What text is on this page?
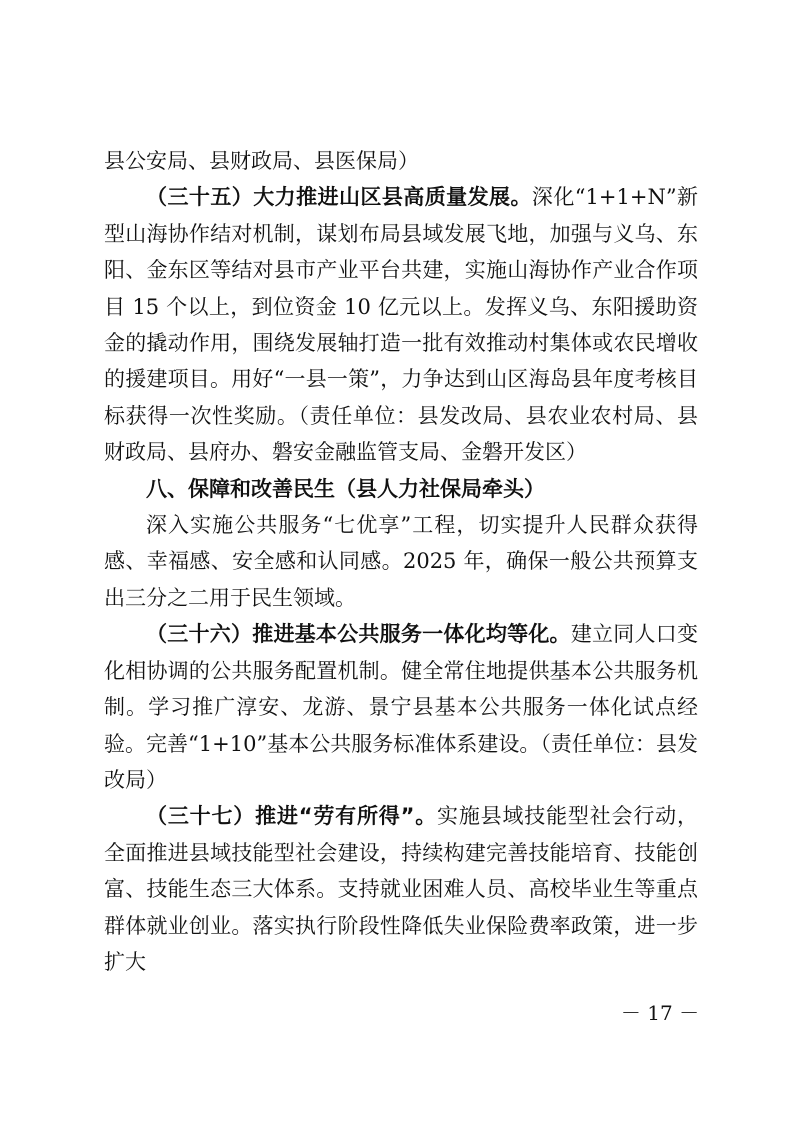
县公安局、县财政局、县医保局）

（三十五）大力推进山区县高质量发展。深化“1+1+N”新型山海协作结对机制，谋划布局县域发展飞地，加强与义乌、东阳、金东区等结对县市产业平台共建，实施山海协作产业合作项目 15 个以上，到位资金 10 亿元以上。发挥义乌、东阳援助资金的撬动作用，围绕发展轴打造一批有效推动村集体或农民增收的援建项目。用好“一县一策”，力争达到山区海岛县年度考核目标获得一次性奖励。（责任单位：县发改局、县农业农村局、县财政局、县府办、磐安金融监管支局、金磐开发区）

八、保障和改善民生（县人力社保局牵头）

深入实施公共服务“七优享”工程，切实提升人民群众获得感、幸福感、安全感和认同感。2025 年，确保一般公共预算支出三分之二用于民生领域。

（三十六）推进基本公共服务一体化均等化。建立同人口变化相协调的公共服务配置机制。健全常住地提供基本公共服务机制。学习推广淳安、龙游、景宁县基本公共服务一体化试点经验。完善“1+10”基本公共服务标准体系建设。（责任单位：县发改局）

（三十七）推进“劳有所得”。实施县域技能型社会行动，全面推进县域技能型社会建设，持续构建完善技能培育、技能创富、技能生态三大体系。支持就业困难人员、高校毕业生等重点群体就业创业。落实执行阶段性降低失业保险费率政策，进一步扩大

－ 17 －
